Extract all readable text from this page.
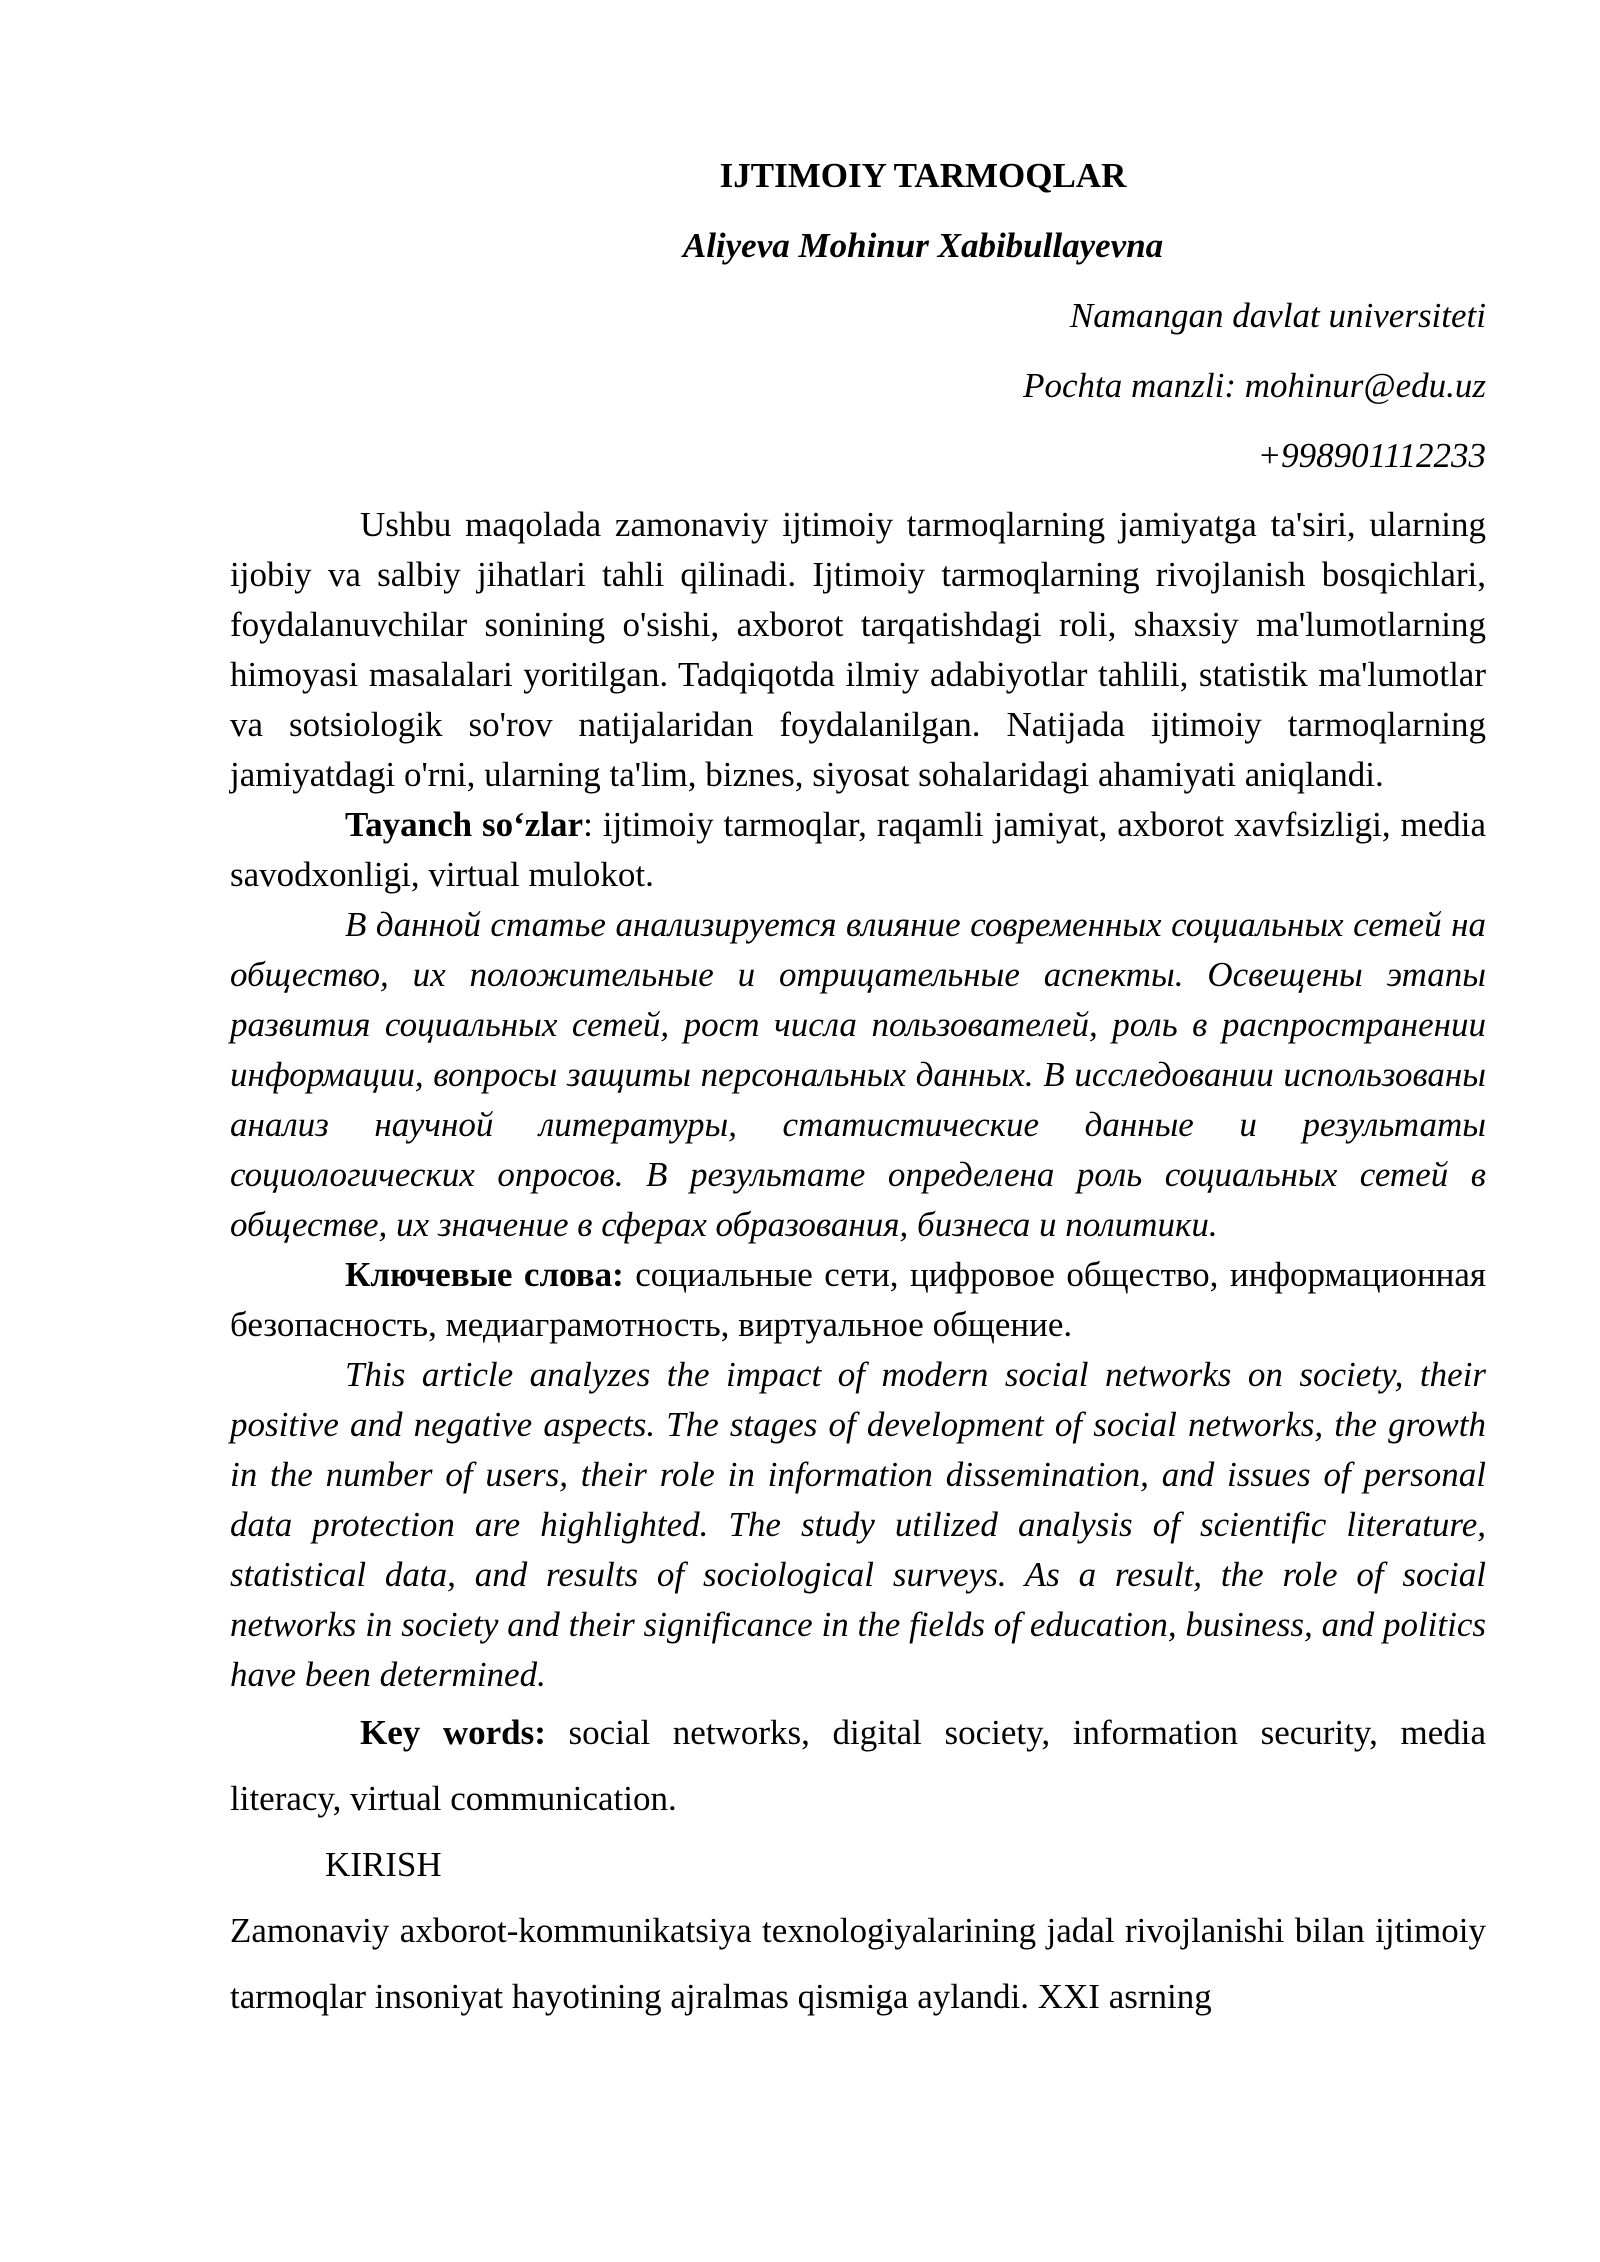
IJTIMOIY TARMOQLAR

Aliyeva Mohinur Xabibullayevna

Namangan davlat universiteti

Pochta manzli: mohinur@edu.uz

+998901112233

Ushbu maqolada zamonaviy ijtimoiy tarmoqlarning jamiyatga ta'siri, ularning ijobiy va salbiy jihatlari tahli qilinadi. Ijtimoiy tarmoqlarning rivojlanish bosqichlari, foydalanuvchilar sonining o'sishi, axborot tarqatishdagi roli, shaxsiy ma'lumotlarning himoyasi masalalari yoritilgan. Tadqiqotda ilmiy adabiyotlar tahlili, statistik ma'lumotlar va sotsiologik so'rov natijalaridan foydalanilgan. Natijada ijtimoiy tarmoqlarning jamiyatdagi o'rni, ularning ta'lim, biznes, siyosat sohalaridagi ahamiyati aniqlandi.

Tayanch so‘zlar: ijtimoiy tarmoqlar, raqamli jamiyat, axborot xavfsizligi, media savodxonligi, virtual mulokot.

В данной статье анализируется влияние современных социальных сетей на общество, их положительные и отрицательные аспекты. Освещены этапы развития социальных сетей, рост числа пользователей, роль в распространении информации, вопросы защиты персональных данных. В исследовании использованы анализ научной литературы, статистические данные и результаты социологических опросов. В результате определена роль социальных сетей в обществе, их значение в сферах образования, бизнеса и политики.

Ключевые слова: социальные сети, цифровое общество, информационная безопасность, медиаграмотность, виртуальное общение.

This article analyzes the impact of modern social networks on society, their positive and negative aspects. The stages of development of social networks, the growth in the number of users, their role in information dissemination, and issues of personal data protection are highlighted. The study utilized analysis of scientific literature, statistical data, and results of sociological surveys. As a result, the role of social networks in society and their significance in the fields of education, business, and politics have been determined.

Key words: social networks, digital society, information security, media literacy, virtual communication.

KIRISH

Zamonaviy axborot-kommunikatsiya texnologiyalarining jadal rivojlanishi bilan ijtimoiy tarmoqlar insoniyat hayotining ajralmas qismiga aylandi. XXI asrning
